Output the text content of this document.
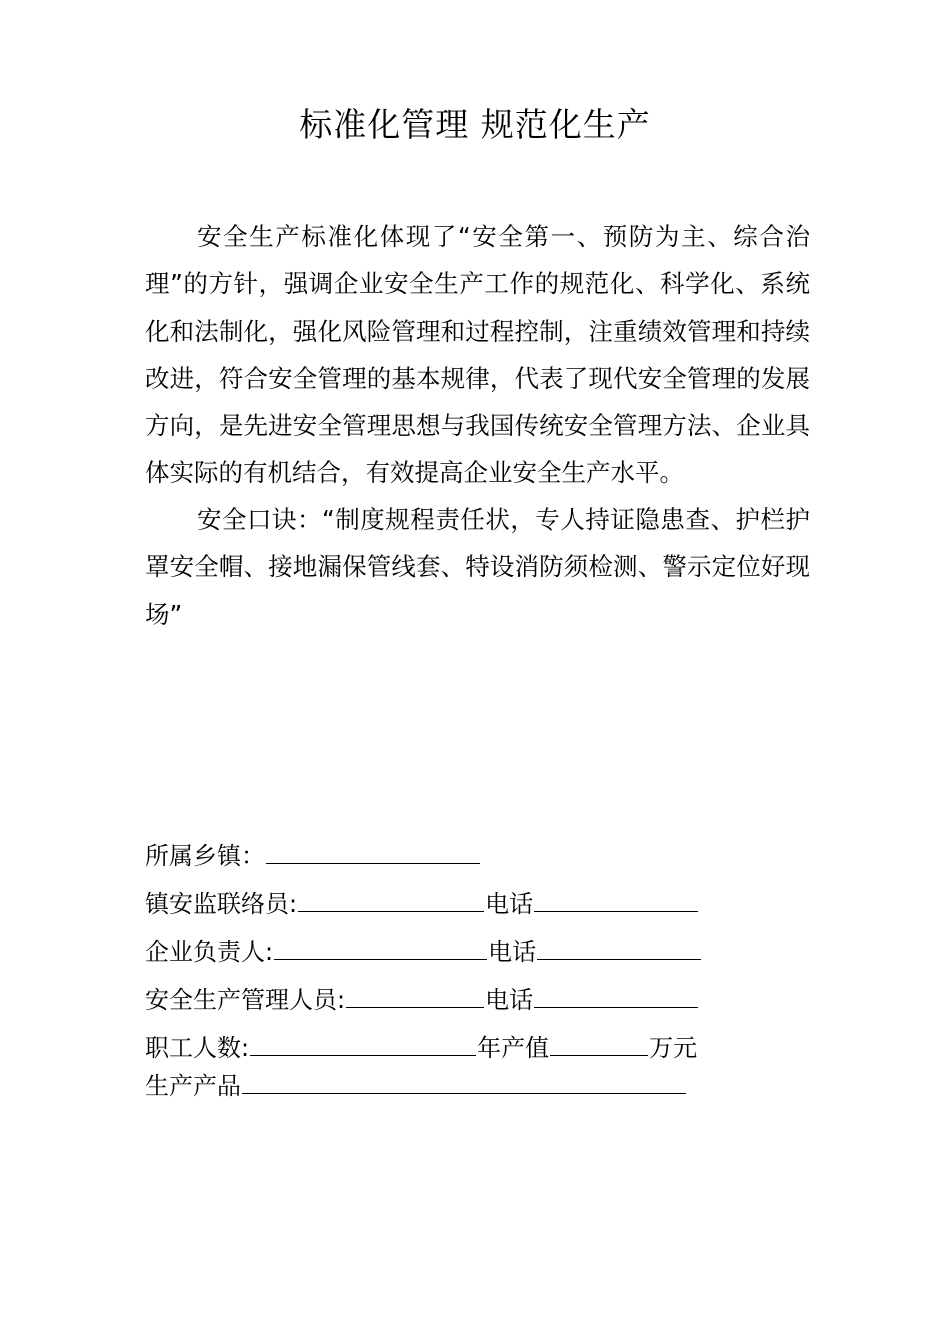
标准化管理 规范化生产

安全生产标准化体现了“安全第一、预防为主、综合治理”的方针，强调企业安全生产工作的规范化、科学化、系统化和法制化，强化风险管理和过程控制，注重绩效管理和持续改进，符合安全管理的基本规律，代表了现代安全管理的发展方向，是先进安全管理思想与我国传统安全管理方法、企业具体实际的有机结合，有效提高企业安全生产水平。

安全口诀：“制度规程责任状，专人持证隐患查、护栏护罩安全帽、接地漏保管线套、特设消防须检测、警示定位好现场”

所属乡镇：
镇安监联络员:	电话
企业负责人:	电话
安全生产管理人员:	电话
职工人数:	年产值	万元
生产产品
